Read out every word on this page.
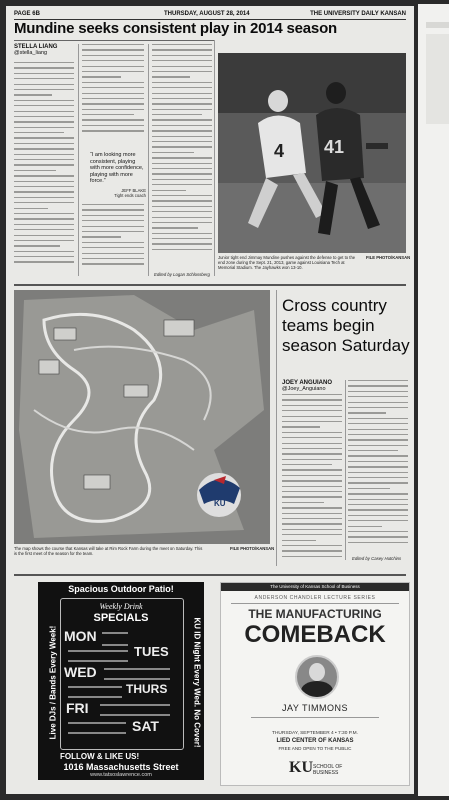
PAGE 6B	THURSDAY, AUGUST 28, 2014	THE UNIVERSITY DAILY KANSAN
Mundine seeks consistent play in 2014 season
STELLA LIANG
@stella_liang
“I am looking more consistent, playing with more confidence, playing with more force.”
JEFF BLAKE
Tight ends coach
Edited by Logan Schlossberg
4 41
Junior tight end Jimmay Mundine pushes against the defense to get to the end zone during the Sept. 21, 2013, game against Louisiana Tech at Memorial Stadium. The Jayhawks won 13-10.
FILE PHOTO/KANSAN
KU
The map shows the course that Kansas will take at Rim Rock Farm during the meet on Saturday. This is the first meet of the season for the team.
FILE PHOTO/KANSAN
Cross country teams begin season Saturday
JOEY ANGUIANO
@Joey_Anguiano
Edited by Casey Hutchins
Spacious Outdoor Patio!
Weekly Drink
SPECIALS
MON
TUES
WED
THURS
FRI
SAT
Live DJs / Bands Every Week!	KU ID Night Every Wed. No Cover!
FOLLOW & LIKE US!
1016 Massachusetts Street
www.tatsoslawrence.com
The University of Kansas School of Business
ANDERSON CHANDLER LECTURE SERIES
THE MANUFACTURING
COMEBACK
JAY TIMMONS
THURSDAY, SEPTEMBER 4 • 7:30 P.M.
LIED CENTER OF KANSAS
FREE AND OPEN TO THE PUBLIC
KU SCHOOL OF BUSINESS
